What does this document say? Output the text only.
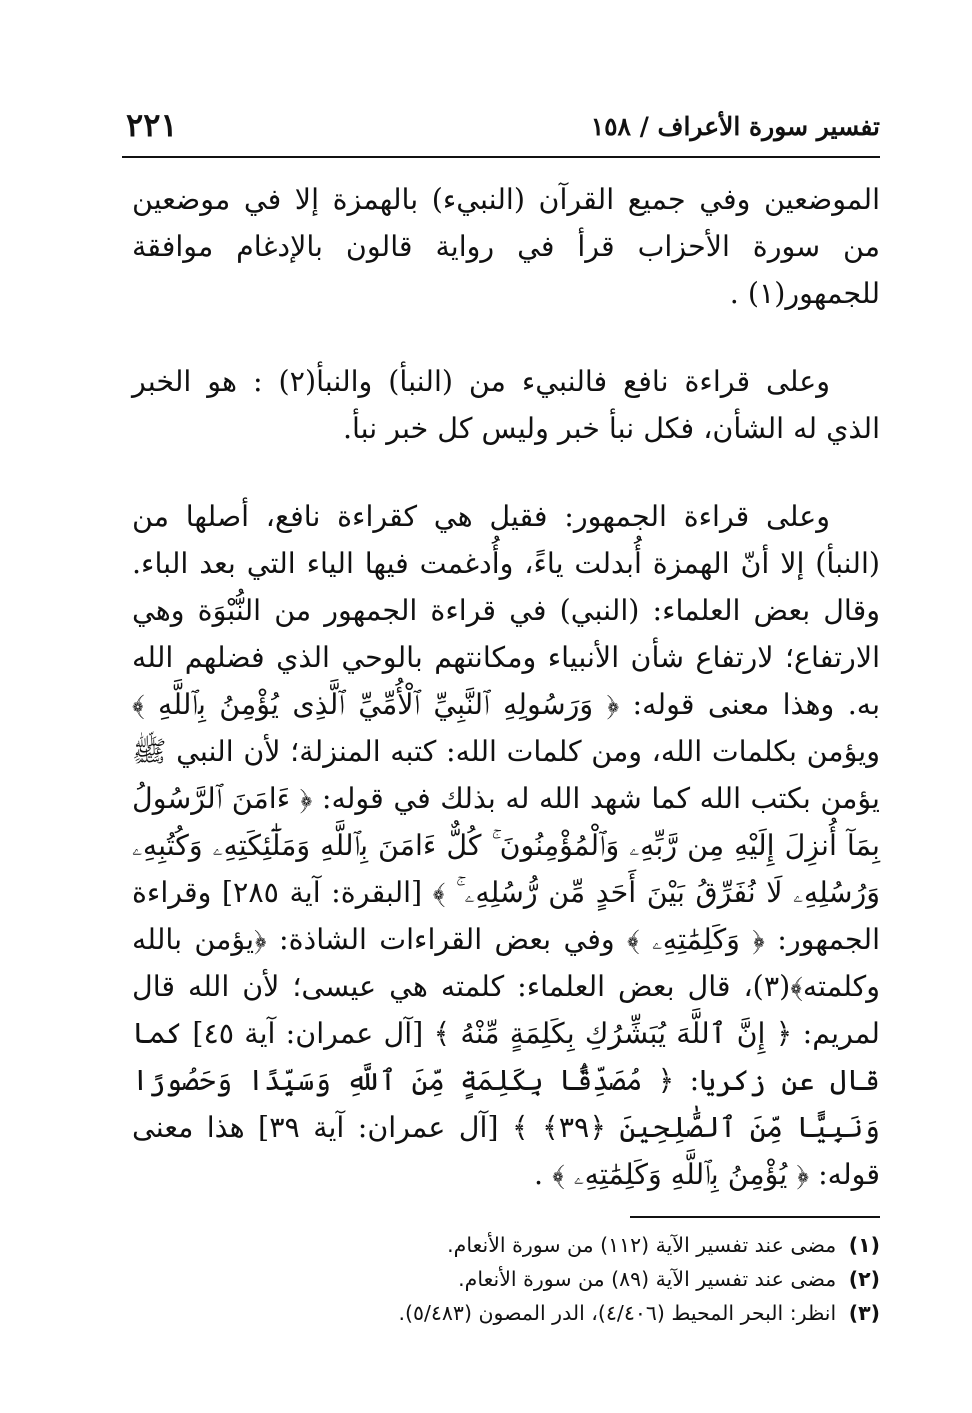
تفسير سورة الأعراف / ١٥٨
٢٢١

الموضعين وفي جميع القرآن (النبيء) بالهمزة إلا في موضعين من سورة الأحزاب قرأ في رواية قالون بالإدغام موافقة للجمهور(١) .

وعلى قراءة نافع فالنبيء من (النبأ) والنبأ(٢) : هو الخبر الذي له الشأن، فكل نبأ خبر وليس كل خبر نبأ.

وعلى قراءة الجمهور: فقيل هي كقراءة نافع، أصلها من (النبأ) إلا أنّ الهمزة أُبدلت ياءً، وأُدغمت فيها الياء التي بعد الباء. وقال بعض العلماء: (النبي) في قراءة الجمهور من النُّبْوَة وهي الارتفاع؛ لارتفاع شأن الأنبياء ومكانتهم بالوحي الذي فضلهم الله به. وهذا معنى قوله: ﴿ وَرَسُولِهِ ٱلنَّبِيِّ ٱلْأُمِّيِّ ٱلَّذِى يُؤْمِنُ بِٱللَّهِ ﴾ ويؤمن بكلمات الله، ومن كلمات الله: كتبه المنزلة؛ لأن النبي ﷺ يؤمن بكتب الله كما شهد الله له بذلك في قوله: ﴿ ءَامَنَ ٱلرَّسُولُ بِمَآ أُنزِلَ إِلَيْهِ مِن رَّبِّهِۦ وَٱلْمُؤْمِنُونَ ۚ كُلٌّ ءَامَنَ بِٱللَّهِ وَمَلَٰٓئِكَتِهِۦ وَكُتُبِهِۦ وَرُسُلِهِۦ لَا نُفَرِّقُ بَيْنَ أَحَدٍ مِّن رُّسُلِهِۦ ۚ ﴾ [البقرة: آية ٢٨٥] وقراءة الجمهور: ﴿ وَكَلِمَٰتِهِۦ ﴾ وفي بعض القراءات الشاذة: ﴿يؤمن بالله وكلمته﴾(٣)، قال بعض العلماء: كلمته هي عيسى؛ لأن الله قال لمريم: ﴿ إِنَّ ٱللَّهَ يُبَشِّرُكِ بِكَلِمَةٍ مِّنْهُ ﴾ [آل عمران: آية ٤٥] كما قال عن زكريا: ﴿ مُصَدِّقًۢا بِكَلِمَةٍ مِّنَ ٱللَّهِ وَسَيِّدًا وَحَصُورًا وَنَبِيًّا مِّنَ ٱلصَّٰلِحِينَ ﴿٣٩﴾ ﴾ [آل عمران: آية ٣٩] هذا معنى قوله: ﴿ يُؤْمِنُ بِٱللَّهِ وَكَلِمَٰتِهِۦ ﴾ .

(١) مضى عند تفسير الآية (١١٢) من سورة الأنعام.

(٢) مضى عند تفسير الآية (٨٩) من سورة الأنعام.

(٣) انظر: البحر المحيط (٤/٤٠٦)، الدر المصون (٥/٤٨٣).
